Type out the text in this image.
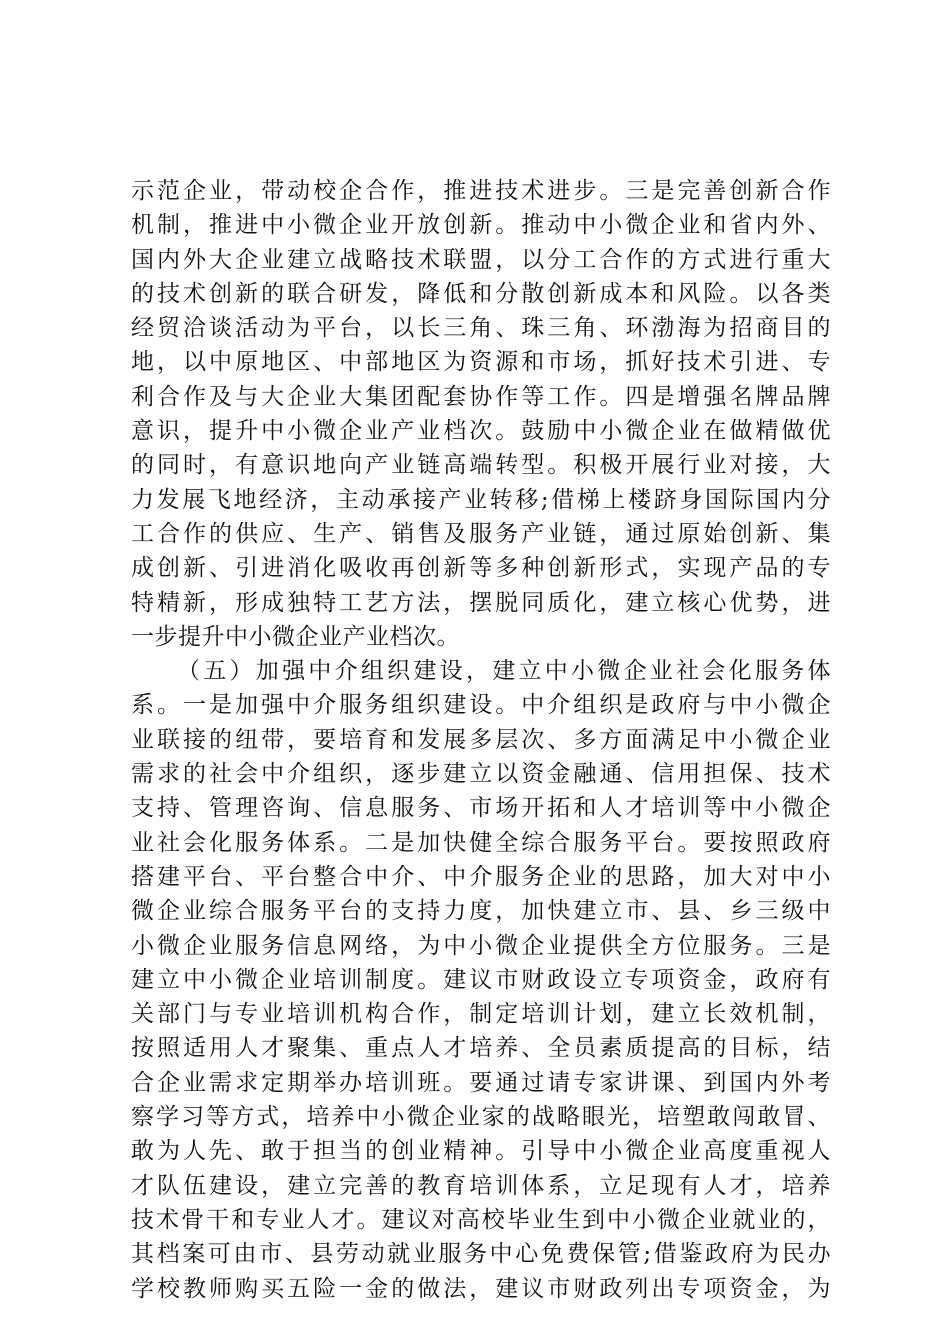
示范企业，带动校企合作，推进技术进步。三是完善创新合作
机制，推进中小微企业开放创新。推动中小微企业和省内外、
国内外大企业建立战略技术联盟，以分工合作的方式进行重大
的技术创新的联合研发，降低和分散创新成本和风险。以各类
经贸洽谈活动为平台，以长三角、珠三角、环渤海为招商目的
地，以中原地区、中部地区为资源和市场，抓好技术引进、专
利合作及与大企业大集团配套协作等工作。四是增强名牌品牌
意识，提升中小微企业产业档次。鼓励中小微企业在做精做优
的同时，有意识地向产业链高端转型。积极开展行业对接，大
力发展飞地经济，主动承接产业转移;借梯上楼跻身国际国内分
工合作的供应、生产、销售及服务产业链，通过原始创新、集
成创新、引进消化吸收再创新等多种创新形式，实现产品的专
特精新，形成独特工艺方法，摆脱同质化，建立核心优势，进
一步提升中小微企业产业档次。
（五）加强中介组织建设，建立中小微企业社会化服务体
系。一是加强中介服务组织建设。中介组织是政府与中小微企
业联接的纽带，要培育和发展多层次、多方面满足中小微企业
需求的社会中介组织，逐步建立以资金融通、信用担保、技术
支持、管理咨询、信息服务、市场开拓和人才培训等中小微企
业社会化服务体系。二是加快健全综合服务平台。要按照政府
搭建平台、平台整合中介、中介服务企业的思路，加大对中小
微企业综合服务平台的支持力度，加快建立市、县、乡三级中
小微企业服务信息网络，为中小微企业提供全方位服务。三是
建立中小微企业培训制度。建议市财政设立专项资金，政府有
关部门与专业培训机构合作，制定培训计划，建立长效机制，
按照适用人才聚集、重点人才培养、全员素质提高的目标，结
合企业需求定期举办培训班。要通过请专家讲课、到国内外考
察学习等方式，培养中小微企业家的战略眼光，培塑敢闯敢冒、
敢为人先、敢于担当的创业精神。引导中小微企业高度重视人
才队伍建设，建立完善的教育培训体系，立足现有人才，培养
技术骨干和专业人才。建议对高校毕业生到中小微企业就业的，
其档案可由市、县劳动就业服务中心免费保管;借鉴政府为民办
学校教师购买五险一金的做法，建议市财政列出专项资金，为
